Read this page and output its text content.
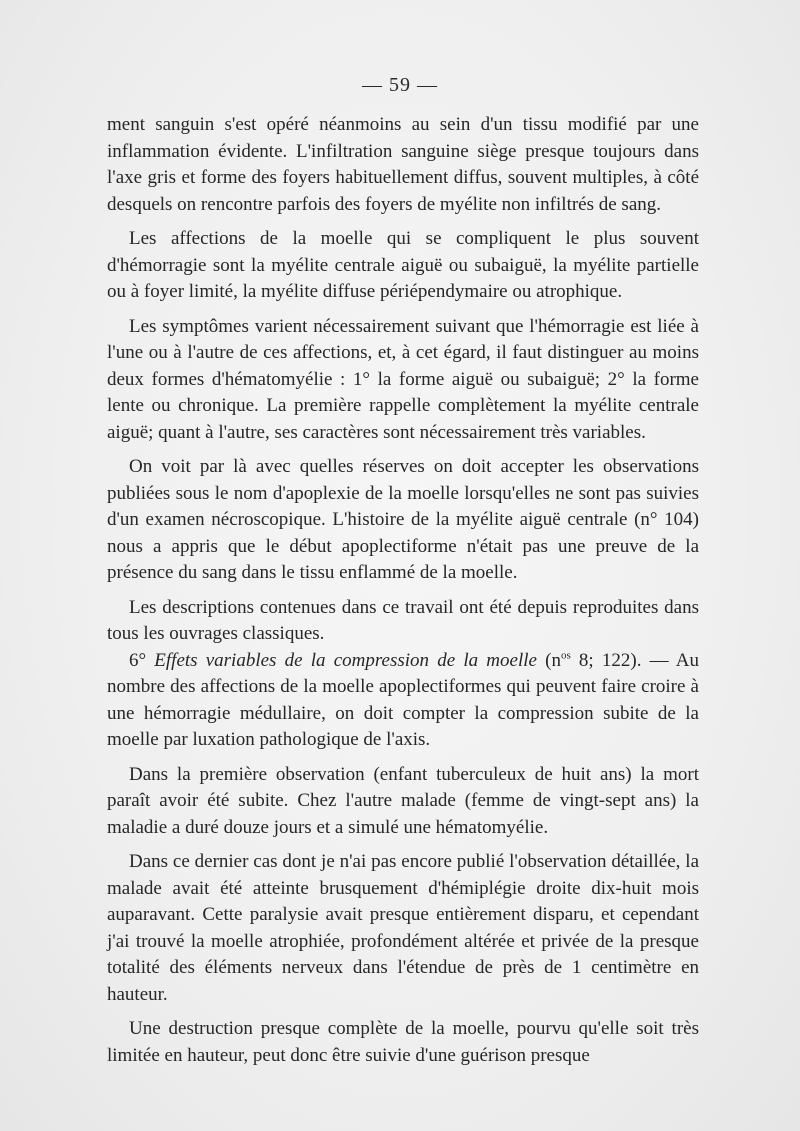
— 59 —

ment sanguin s'est opéré néanmoins au sein d'un tissu modifié par une inflammation évidente. L'infiltration sanguine siège presque toujours dans l'axe gris et forme des foyers habituellement diffus, souvent multiples, à côté desquels on rencontre parfois des foyers de myélite non infiltrés de sang.

Les affections de la moelle qui se compliquent le plus souvent d'hémorragie sont la myélite centrale aiguë ou subaiguë, la myélite partielle ou à foyer limité, la myélite diffuse périépendymaire ou atrophique.

Les symptômes varient nécessairement suivant que l'hémorragie est liée à l'une ou à l'autre de ces affections, et, à cet égard, il faut distinguer au moins deux formes d'hématomyélie : 1° la forme aiguë ou subaiguë; 2° la forme lente ou chronique. La première rappelle complètement la myélite centrale aiguë; quant à l'autre, ses caractères sont nécessairement très variables.

On voit par là avec quelles réserves on doit accepter les observations publiées sous le nom d'apoplexie de la moelle lorsqu'elles ne sont pas suivies d'un examen nécroscopique. L'histoire de la myélite aiguë centrale (n° 104) nous a appris que le début apoplectiforme n'était pas une preuve de la présence du sang dans le tissu enflammé de la moelle.

Les descriptions contenues dans ce travail ont été depuis reproduites dans tous les ouvrages classiques.

6° Effets variables de la compression de la moelle ($n^{os}$ 8; 122). — Au nombre des affections de la moelle apoplectiformes qui peuvent faire croire à une hémorragie médullaire, on doit compter la compression subite de la moelle par luxation pathologique de l'axis.

Dans la première observation (enfant tuberculeux de huit ans) la mort paraît avoir été subite. Chez l'autre malade (femme de vingt-sept ans) la maladie a duré douze jours et a simulé une hématomyélie.

Dans ce dernier cas dont je n'ai pas encore publié l'observation détaillée, la malade avait été atteinte brusquement d'hémiplégie droite dix-huit mois auparavant. Cette paralysie avait presque entièrement disparu, et cependant j'ai trouvé la moelle atrophiée, profondément altérée et privée de la presque totalité des éléments nerveux dans l'étendue de près de 1 centimètre en hauteur.

Une destruction presque complète de la moelle, pourvu qu'elle soit très limitée en hauteur, peut donc être suivie d'une guérison presque
